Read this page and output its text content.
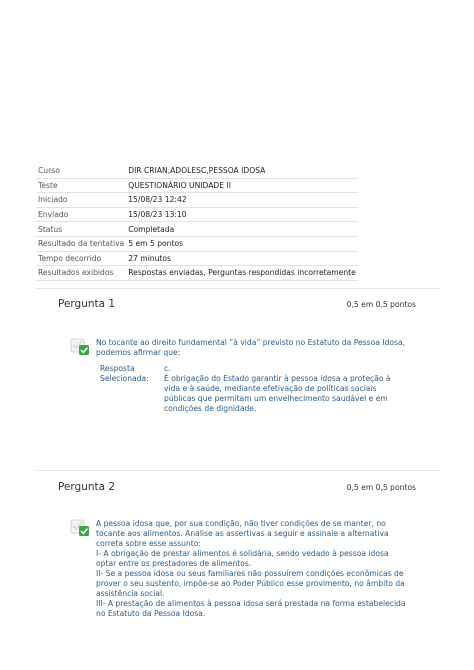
Curso	DIR CRIAN,ADOLESC,PESSOA IDOSA
Teste	QUESTIONÁRIO UNIDADE II
Iniciado	15/08/23 12:42
Enviado	15/08/23 13:10
Status	Completada
Resultado da tentativa	5 em 5 pontos
Tempo decorrido	27 minutos
Resultados exibidos	Respostas enviadas, Perguntas respondidas incorretamente
Pergunta 1	0,5 em 0,5 pontos
No tocante ao direito fundamental “à vida” previsto no Estatuto da Pessoa Idosa, podemos afirmar que:
Resposta Selecionada:
c.
É obrigação do Estado garantir à pessoa idosa a proteção à vida e à saúde, mediante efetivação de políticas sociais públicas que permitam um envelhecimento saudável e em condições de dignidade.
Pergunta 2	0,5 em 0,5 pontos
A pessoa idosa que, por sua condição, não tiver condições de se manter, no tocante aos alimentos. Analise as assertivas a seguir e assinale a alternativa correta sobre esse assunto:
I- A obrigação de prestar alimentos é solidária, sendo vedado à pessoa idosa optar entre os prestadores de alimentos.
II- Se a pessoa idosa ou seus familiares não possuírem condições econômicas de prover o seu sustento, impõe-se ao Poder Público esse provimento, no âmbito da assistência social.
III- A prestação de alimentos à pessoa idosa será prestada na forma estabelecida no Estatuto da Pessoa Idosa.
